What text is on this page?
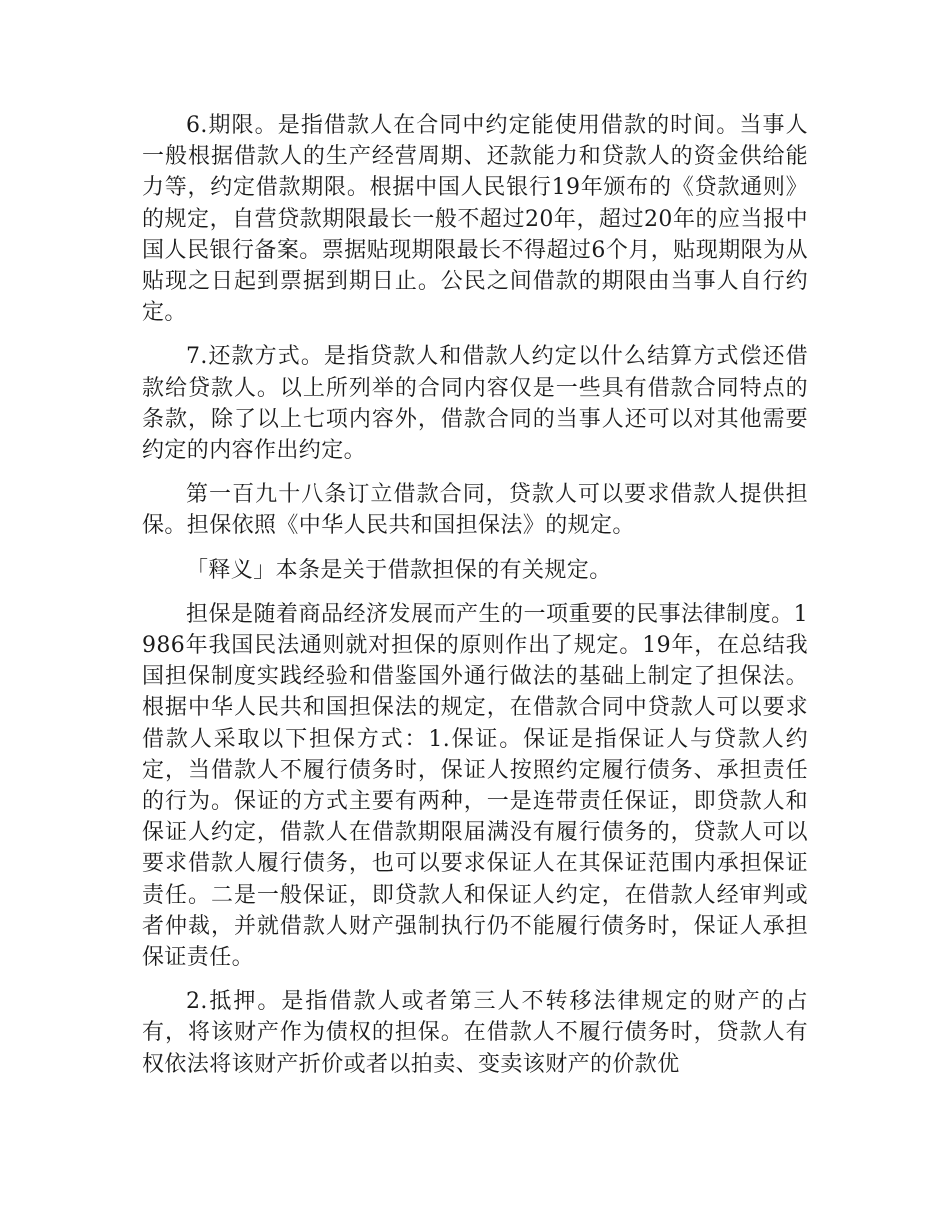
6.期限。是指借款人在合同中约定能使用借款的时间。当事人一般根据借款人的生产经营周期、还款能力和贷款人的资金供给能力等，约定借款期限。根据中国人民银行19年颁布的《贷款通则》的规定，自营贷款期限最长一般不超过20年，超过20年的应当报中国人民银行备案。票据贴现期限最长不得超过6个月，贴现期限为从贴现之日起到票据到期日止。公民之间借款的期限由当事人自行约定。

7.还款方式。是指贷款人和借款人约定以什么结算方式偿还借款给贷款人。以上所列举的合同内容仅是一些具有借款合同特点的条款，除了以上七项内容外，借款合同的当事人还可以对其他需要约定的内容作出约定。

第一百九十八条订立借款合同，贷款人可以要求借款人提供担保。担保依照《中华人民共和国担保法》的规定。

「释义」本条是关于借款担保的有关规定。

担保是随着商品经济发展而产生的一项重要的民事法律制度。1986年我国民法通则就对担保的原则作出了规定。19年，在总结我国担保制度实践经验和借鉴国外通行做法的基础上制定了担保法。根据中华人民共和国担保法的规定，在借款合同中贷款人可以要求借款人采取以下担保方式：1.保证。保证是指保证人与贷款人约定，当借款人不履行债务时，保证人按照约定履行债务、承担责任的行为。保证的方式主要有两种，一是连带责任保证，即贷款人和保证人约定，借款人在借款期限届满没有履行债务的，贷款人可以要求借款人履行债务，也可以要求保证人在其保证范围内承担保证责任。二是一般保证，即贷款人和保证人约定，在借款人经审判或者仲裁，并就借款人财产强制执行仍不能履行债务时，保证人承担保证责任。

2.抵押。是指借款人或者第三人不转移法律规定的财产的占有，将该财产作为债权的担保。在借款人不履行债务时，贷款人有权依法将该财产折价或者以拍卖、变卖该财产的价款优
